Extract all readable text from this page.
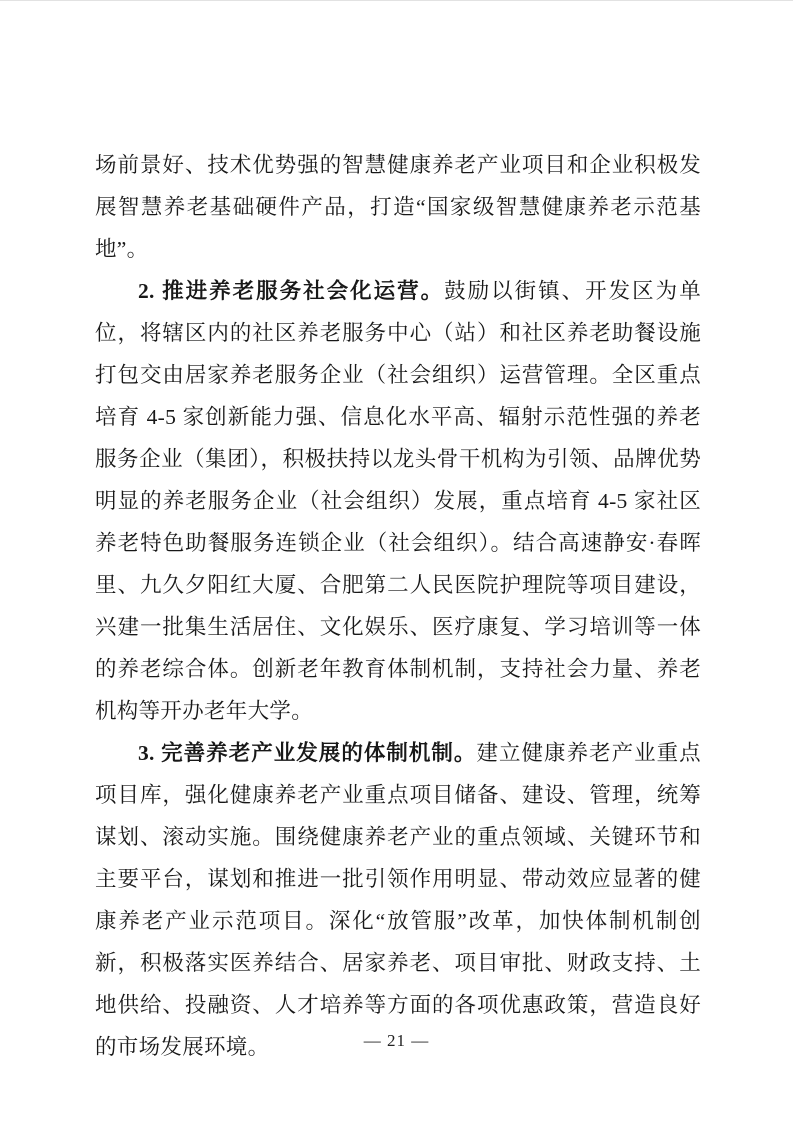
场前景好、技术优势强的智慧健康养老产业项目和企业积极发展智慧养老基础硬件产品，打造“国家级智慧健康养老示范基地”。

2. 推进养老服务社会化运营。鼓励以街镇、开发区为单位，将辖区内的社区养老服务中心（站）和社区养老助餐设施打包交由居家养老服务企业（社会组织）运营管理。全区重点培育 4-5 家创新能力强、信息化水平高、辐射示范性强的养老服务企业（集团），积极扶持以龙头骨干机构为引领、品牌优势明显的养老服务企业（社会组织）发展，重点培育 4-5 家社区养老特色助餐服务连锁企业（社会组织）。结合高速静安·春晖里、九久夕阳红大厦、合肥第二人民医院护理院等项目建设，兴建一批集生活居住、文化娱乐、医疗康复、学习培训等一体的养老综合体。创新老年教育体制机制，支持社会力量、养老机构等开办老年大学。

3. 完善养老产业发展的体制机制。建立健康养老产业重点项目库，强化健康养老产业重点项目储备、建设、管理，统筹谋划、滚动实施。围绕健康养老产业的重点领域、关键环节和主要平台，谋划和推进一批引领作用明显、带动效应显著的健康养老产业示范项目。深化“放管服”改革，加快体制机制创新，积极落实医养结合、居家养老、项目审批、财政支持、土地供给、投融资、人才培养等方面的各项优惠政策，营造良好的市场发展环境。	— 21 —
